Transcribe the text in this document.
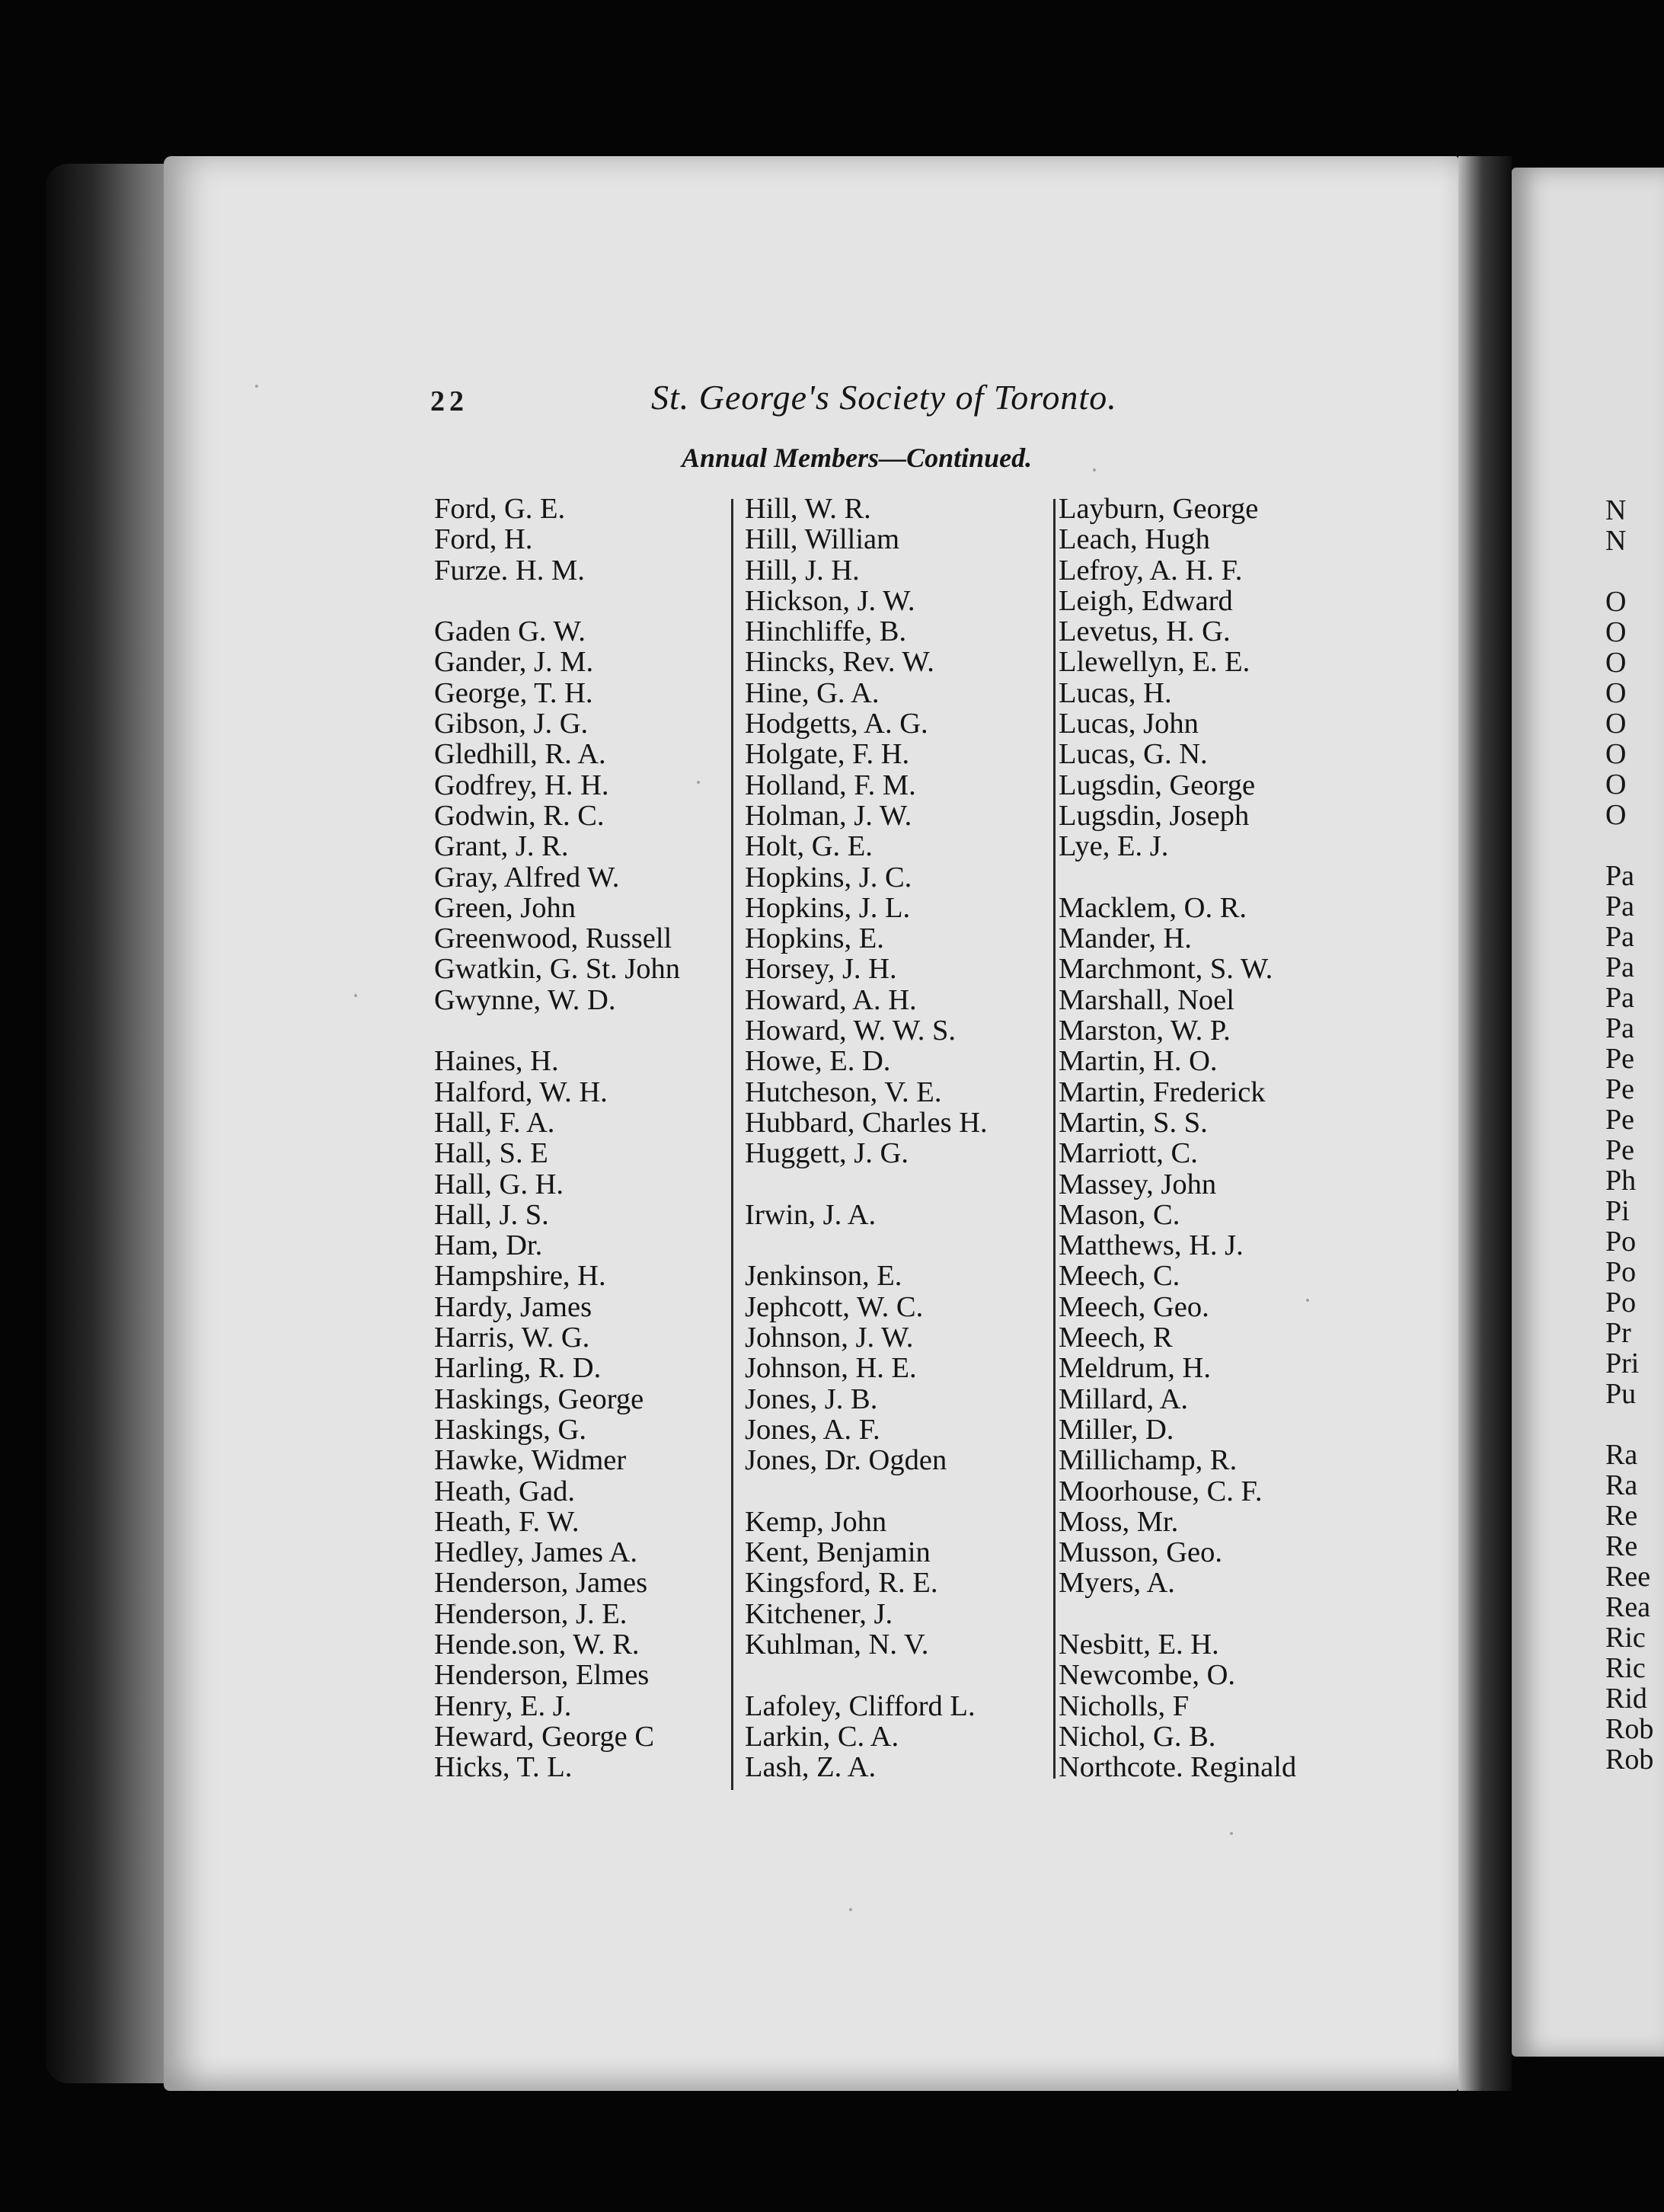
22	St. George's Society of Toronto.
Annual Members—Continued.
Ford, G. E.
Ford, H.
Furze. H. M.
Gaden G. W.
Gander, J. M.
George, T. H.
Gibson, J. G.
Gledhill, R. A.
Godfrey, H. H.
Godwin, R. C.
Grant, J. R.
Gray, Alfred W.
Green, John
Greenwood, Russell
Gwatkin, G. St. John
Gwynne, W. D.
Haines, H.
Halford, W. H.
Hall, F. A.
Hall, S. E
Hall, G. H.
Hall, J. S.
Ham, Dr.
Hampshire, H.
Hardy, James
Harris, W. G.
Harling, R. D.
Haskings, George
Haskings, G.
Hawke, Widmer
Heath, Gad.
Heath, F. W.
Hedley, James A.
Henderson, James
Henderson, J. E.
Hende.son, W. R.
Henderson, Elmes
Henry, E. J.
Heward, George C
Hicks, T. L.
Hill, W. R.
Hill, William
Hill, J. H.
Hickson, J. W.
Hinchliffe, B.
Hincks, Rev. W.
Hine, G. A.
Hodgetts, A. G.
Holgate, F. H.
Holland, F. M.
Holman, J. W.
Holt, G. E.
Hopkins, J. C.
Hopkins, J. L.
Hopkins, E.
Horsey, J. H.
Howard, A. H.
Howard, W. W. S.
Howe, E. D.
Hutcheson, V. E.
Hubbard, Charles H.
Huggett, J. G.
Irwin, J. A.
Jenkinson, E.
Jephcott, W. C.
Johnson, J. W.
Johnson, H. E.
Jones, J. B.
Jones, A. F.
Jones, Dr. Ogden
Kemp, John
Kent, Benjamin
Kingsford, R. E.
Kitchener, J.
Kuhlman, N. V.
Lafoley, Clifford L.
Larkin, C. A.
Lash, Z. A.
Layburn, George
Leach, Hugh
Lefroy, A. H. F.
Leigh, Edward
Levetus, H. G.
Llewellyn, E. E.
Lucas, H.
Lucas, John
Lucas, G. N.
Lugsdin, George
Lugsdin, Joseph
Lye, E. J.
Macklem, O. R.
Mander, H.
Marchmont, S. W.
Marshall, Noel
Marston, W. P.
Martin, H. O.
Martin, Frederick
Martin, S. S.
Marriott, C.
Massey, John
Mason, C.
Matthews, H. J.
Meech, C.
Meech, Geo.
Meech, R
Meldrum, H.
Millard, A.
Miller, D.
Millichamp, R.
Moorhouse, C. F.
Moss, Mr.
Musson, Geo.
Myers, A.
Nesbitt, E. H.
Newcombe, O.
Nicholls, F
Nichol, G. B.
Northcote. Reginald
N
N
O
O
O
O
O
O
O
O
Pa
Pa
Pa
Pa
Pa
Pa
Pe
Pe
Pe
Pe
Ph
Pi
Po
Po
Po
Pr
Pri
Pu
Ra
Ra
Re
Re
Ree
Rea
Ric
Ric
Rid
Rob
Rob
